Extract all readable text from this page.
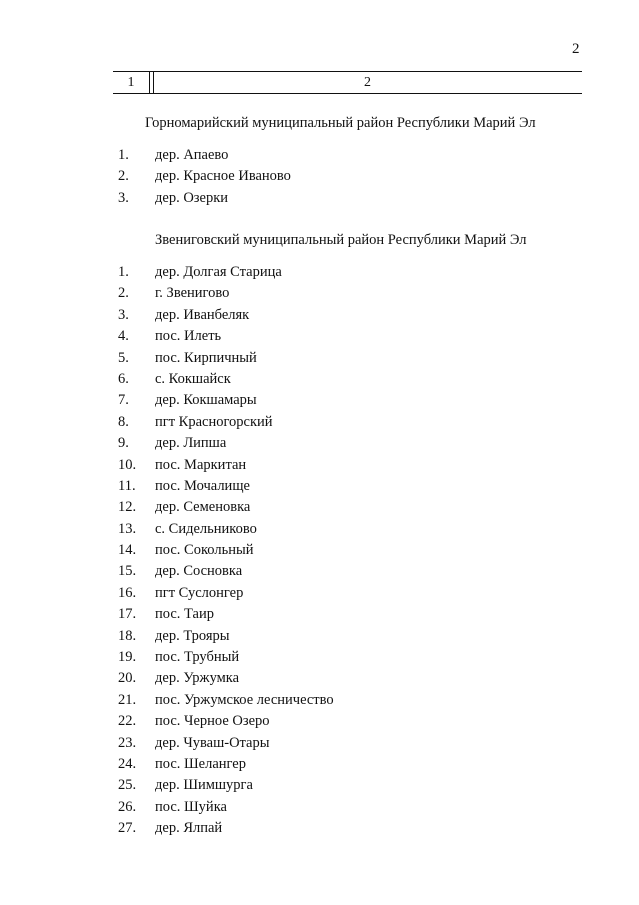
2
1	2
Горномарийский муниципальный район Республики Марий Эл
1.	дер. Апаево
2.	дер. Красное Иваново
3.	дер. Озерки
Звениговский муниципальный район Республики Марий Эл
1.	дер. Долгая Старица
2.	г. Звенигово
3.	дер. Иванбеляк
4.	пос. Илеть
5.	пос. Кирпичный
6.	с. Кокшайск
7.	дер. Кокшамары
8.	пгт Красногорский
9.	дер. Липша
10.	пос. Маркитан
11.	пос. Мочалище
12.	дер. Семеновка
13.	с. Сидельниково
14.	пос. Сокольный
15.	дер. Сосновка
16.	пгт Суслонгер
17.	пос. Таир
18.	дер. Трояры
19.	пос. Трубный
20.	дер. Уржумка
21.	пос. Уржумское лесничество
22.	пос. Черное Озеро
23.	дер. Чуваш-Отары
24.	пос. Шелангер
25.	дер. Шимшурга
26.	пос. Шуйка
27.	дер. Ялпай
